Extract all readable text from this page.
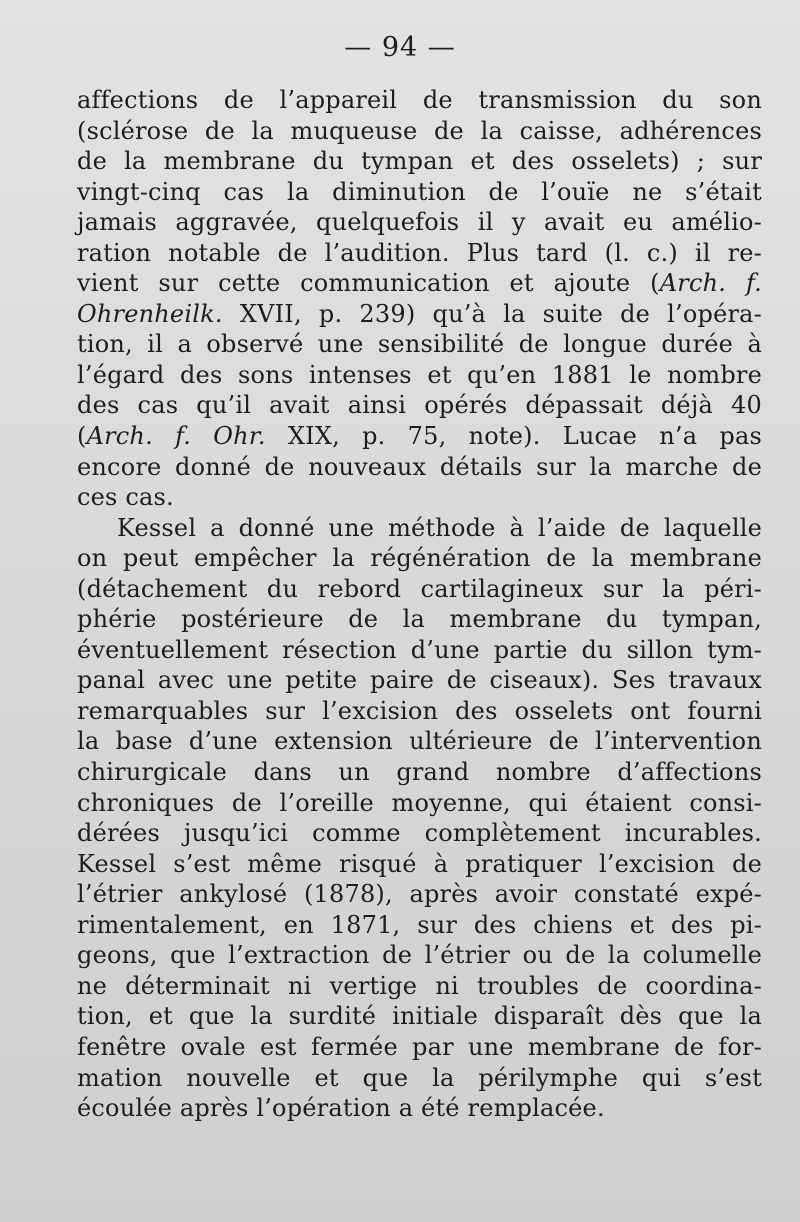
— 94 —
affections de l’appareil de transmission du son
(sclérose de la muqueuse de la caisse, adhérences
de la membrane du tympan et des osselets) ; sur
vingt-cinq cas la diminution de l’ouïe ne s’était
jamais aggravée, quelquefois il y avait eu amélio-
ration notable de l’audition. Plus tard (l. c.) il re-
vient sur cette communication et ajoute (Arch. f.
Ohrenheilk. XVII, p. 239) qu’à la suite de l’opéra-
tion, il a observé une sensibilité de longue durée à
l’égard des sons intenses et qu’en 1881 le nombre
des cas qu’il avait ainsi opérés dépassait déjà 40
(Arch. f. Ohr. XIX, p. 75, note). Lucae n’a pas
encore donné de nouveaux détails sur la marche de
ces cas.
Kessel a donné une méthode à l’aide de laquelle
on peut empêcher la régénération de la membrane
(détachement du rebord cartilagineux sur la péri-
phérie postérieure de la membrane du tympan,
éventuellement résection d’une partie du sillon tym-
panal avec une petite paire de ciseaux). Ses travaux
remarquables sur l’excision des osselets ont fourni
la base d’une extension ultérieure de l’intervention
chirurgicale dans un grand nombre d’affections
chroniques de l’oreille moyenne, qui étaient consi-
dérées jusqu’ici comme complètement incurables.
Kessel s’est même risqué à pratiquer l’excision de
l’étrier ankylosé (1878), après avoir constaté expé-
rimentalement, en 1871, sur des chiens et des pi-
geons, que l’extraction de l’étrier ou de la columelle
ne déterminait ni vertige ni troubles de coordina-
tion, et que la surdité initiale disparaît dès que la
fenêtre ovale est fermée par une membrane de for-
mation nouvelle et que la périlymphe qui s’est
écoulée après l’opération a été remplacée.
